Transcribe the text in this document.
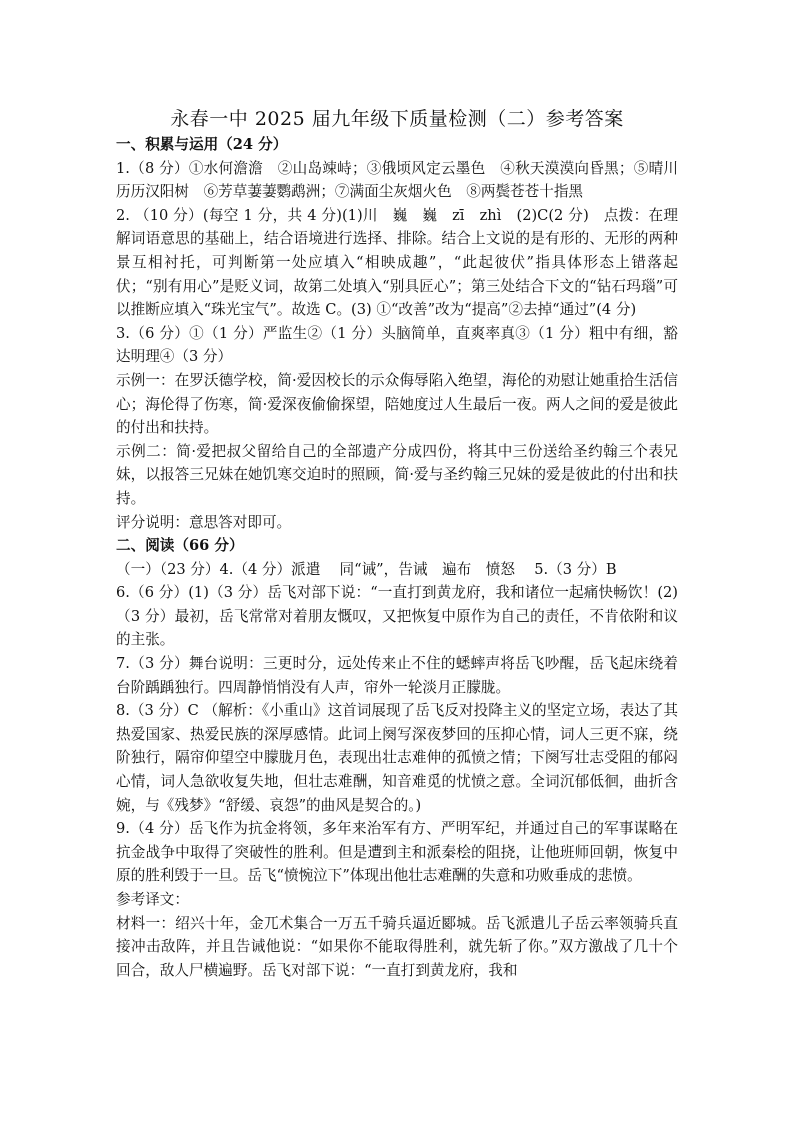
永春一中 2025 届九年级下质量检测（二）参考答案

一、积累与运用（24 分）

1.（8 分）①水何澹澹　②山岛竦峙；③俄顷风定云墨色　④秋天漠漠向昏黑；⑤晴川历历汉阳树　⑥芳草萋萋鹦鹉洲；⑦满面尘灰烟火色　⑧两鬓苍苍十指黑

2. （10 分）(每空 1 分，共 4 分)(1)川　巍　巍　zī　zhì　(2)C(2 分)　点拨：在理解词语意思的基础上，结合语境进行选择、排除。结合上文说的是有形的、无形的两种景互相衬托，可判断第一处应填入“相映成趣”，“此起彼伏”指具体形态上错落起伏；“别有用心”是贬义词，故第二处填入“别具匠心”；第三处结合下文的“钻石玛瑙”可以推断应填入“珠光宝气”。故选 C。(3) ①“改善”改为“提高”②去掉“通过”(4 分)

3.（6 分）①（1 分）严监生②（1 分）头脑简单，直爽率真③（1 分）粗中有细，豁达明理④（3 分）

示例一：在罗沃德学校，简·爱因校长的示众侮辱陷入绝望，海伦的劝慰让她重拾生活信心；海伦得了伤寒，简·爱深夜偷偷探望，陪她度过人生最后一夜。两人之间的爱是彼此的付出和扶持。

示例二：简·爱把叔父留给自己的全部遗产分成四份，将其中三份送给圣约翰三个表兄妹，以报答三兄妹在她饥寒交迫时的照顾，简·爱与圣约翰三兄妹的爱是彼此的付出和扶持。

评分说明：意思答对即可。

二、阅读（66 分）

（一）（23 分）4.（4 分）派遣　 同“诫”，告诫　遍布　愤怒　 5.（3 分）B

6.（6 分）(1)（3 分）岳飞对部下说：“一直打到黄龙府，我和诸位一起痛快畅饮！(2)（3 分）最初，岳飞常常对着朋友慨叹，又把恢复中原作为自己的责任，不肯依附和议的主张。

7.（3 分）舞台说明：三更时分，远处传来止不住的蟋蟀声将岳飞吵醒，岳飞起床绕着台阶踽踽独行。四周静悄悄没有人声，帘外一轮淡月正朦胧。

8.（3 分）C （解析：《小重山》这首词展现了岳飞反对投降主义的坚定立场，表达了其热爱国家、热爱民族的深厚感情。此词上阕写深夜梦回的压抑心情，词人三更不寐，绕阶独行，隔帘仰望空中朦胧月色，表现出壮志难伸的孤愤之情；下阕写壮志受阻的郁闷心情，词人急欲收复失地，但壮志难酬，知音难觅的忧愤之意。全词沉郁低徊，曲折含婉，与《残梦》“舒缓、哀怨”的曲风是契合的。)

9.（4 分）岳飞作为抗金将领，多年来治军有方、严明军纪，并通过自己的军事谋略在抗金战争中取得了突破性的胜利。但是遭到主和派秦桧的阻挠，让他班师回朝，恢复中原的胜利毁于一旦。岳飞“愤惋泣下”体现出他壮志难酬的失意和功败垂成的悲愤。

参考译文：

材料一：绍兴十年，金兀术集合一万五千骑兵逼近郾城。岳飞派遣儿子岳云率领骑兵直接冲击敌阵，并且告诫他说：“如果你不能取得胜利，就先斩了你。”双方激战了几十个回合，敌人尸横遍野。岳飞对部下说：“一直打到黄龙府，我和
